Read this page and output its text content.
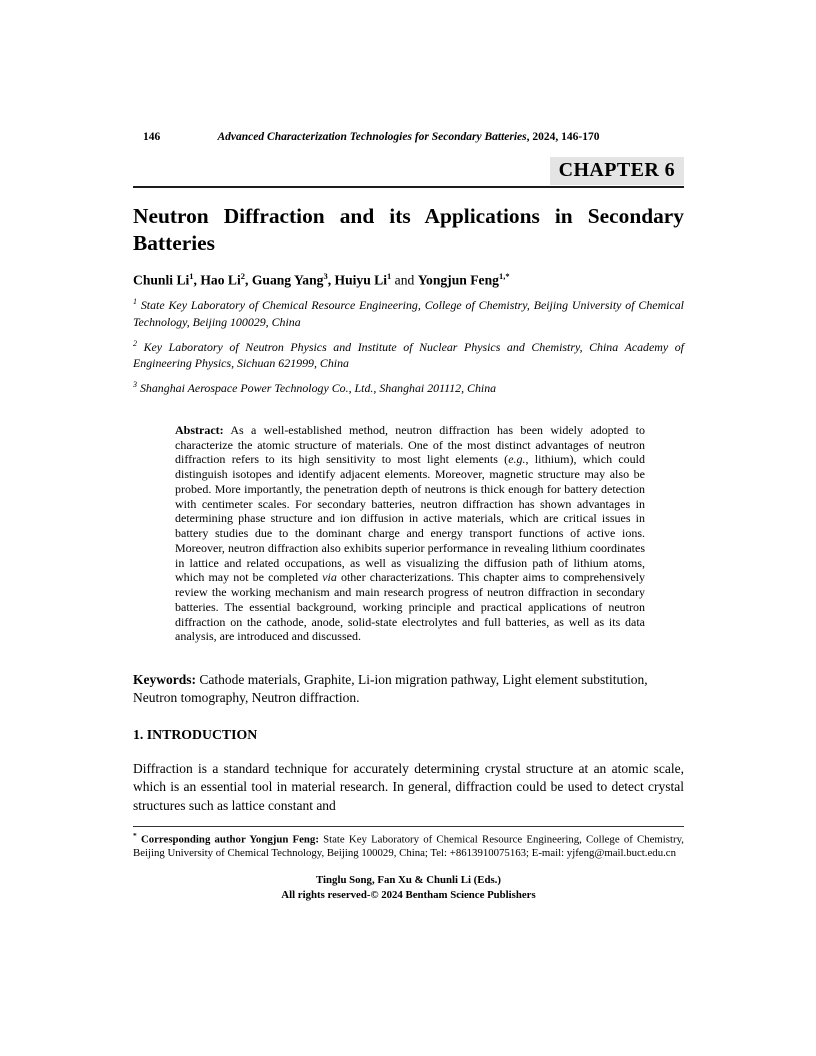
146	Advanced Characterization Technologies for Secondary Batteries, 2024, 146-170
CHAPTER 6
Neutron Diffraction and its Applications in Secondary Batteries

Chunli Li$^1$, Hao Li$^2$, Guang Yang$^3$, Huiyu Li$^1$ and Yongjun Feng$^{1,*}$

$^1$ State Key Laboratory of Chemical Resource Engineering, College of Chemistry, Beijing University of Chemical Technology, Beijing 100029, China

$^2$ Key Laboratory of Neutron Physics and Institute of Nuclear Physics and Chemistry, China Academy of Engineering Physics, Sichuan 621999, China

$^3$ Shanghai Aerospace Power Technology Co., Ltd., Shanghai 201112, China

Abstract: As a well-established method, neutron diffraction has been widely adopted to characterize the atomic structure of materials. One of the most distinct advantages of neutron diffraction refers to its high sensitivity to most light elements (e.g., lithium), which could distinguish isotopes and identify adjacent elements. Moreover, magnetic structure may also be probed. More importantly, the penetration depth of neutrons is thick enough for battery detection with centimeter scales. For secondary batteries, neutron diffraction has shown advantages in determining phase structure and ion diffusion in active materials, which are critical issues in battery studies due to the dominant charge and energy transport functions of active ions. Moreover, neutron diffraction also exhibits superior performance in revealing lithium coordinates in lattice and related occupations, as well as visualizing the diffusion path of lithium atoms, which may not be completed via other characterizations. This chapter aims to comprehensively review the working mechanism and main research progress of neutron diffraction in secondary batteries. The essential background, working principle and practical applications of neutron diffraction on the cathode, anode, solid-state electrolytes and full batteries, as well as its data analysis, are introduced and discussed.

Keywords: Cathode materials, Graphite, Li-ion migration pathway, Light element substitution, Neutron tomography, Neutron diffraction.

1. INTRODUCTION

Diffraction is a standard technique for accurately determining crystal structure at an atomic scale, which is an essential tool in material research. In general, diffraction could be used to detect crystal structures such as lattice constant and

* Corresponding author Yongjun Feng: State Key Laboratory of Chemical Resource Engineering, College of Chemistry, Beijing University of Chemical Technology, Beijing 100029, China; Tel: +8613910075163; E-mail: yjfeng@mail.buct.edu.cn

Tinglu Song, Fan Xu & Chunli Li (Eds.)
All rights reserved-© 2024 Bentham Science Publishers
